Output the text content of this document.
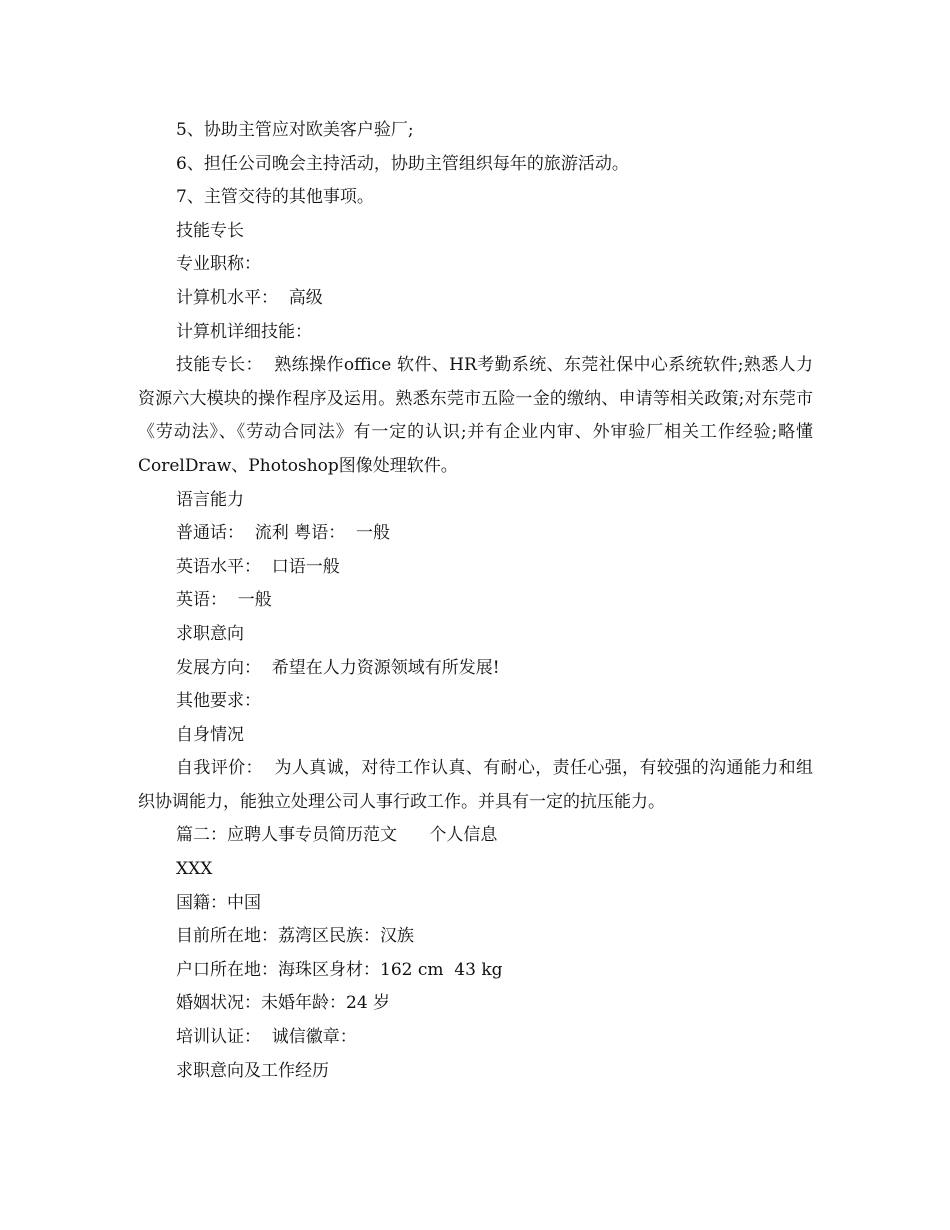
5、协助主管应对欧美客户验厂;

6、担任公司晚会主持活动，协助主管组织每年的旅游活动。

7、主管交待的其他事项。

技能专长

专业职称：

计算机水平：  高级

计算机详细技能：

技能专长：  熟练操作office 软件、HR考勤系统、东莞社保中心系统软件;熟悉人力资源六大模块的操作程序及运用。熟悉东莞市五险一金的缴纳、申请等相关政策;对东莞市《劳动法》、《劳动合同法》有一定的认识;并有企业内审、外审验厂相关工作经验;略懂CorelDraw、Photoshop图像处理软件。

语言能力

普通话：  流利 粤语：  一般

英语水平：  口语一般

英语：  一般

求职意向

发展方向：  希望在人力资源领域有所发展!

其他要求：

自身情况

自我评价：  为人真诚，对待工作认真、有耐心，责任心强，有较强的沟通能力和组织协调能力，能独立处理公司人事行政工作。并具有一定的抗压能力。

篇二：应聘人事专员简历范文      个人信息

XXX

国籍：中国

目前所在地：荔湾区民族：汉族

户口所在地：海珠区身材：162 cm  43 kg

婚姻状况：未婚年龄：24 岁

培训认证：  诚信徽章：

求职意向及工作经历
